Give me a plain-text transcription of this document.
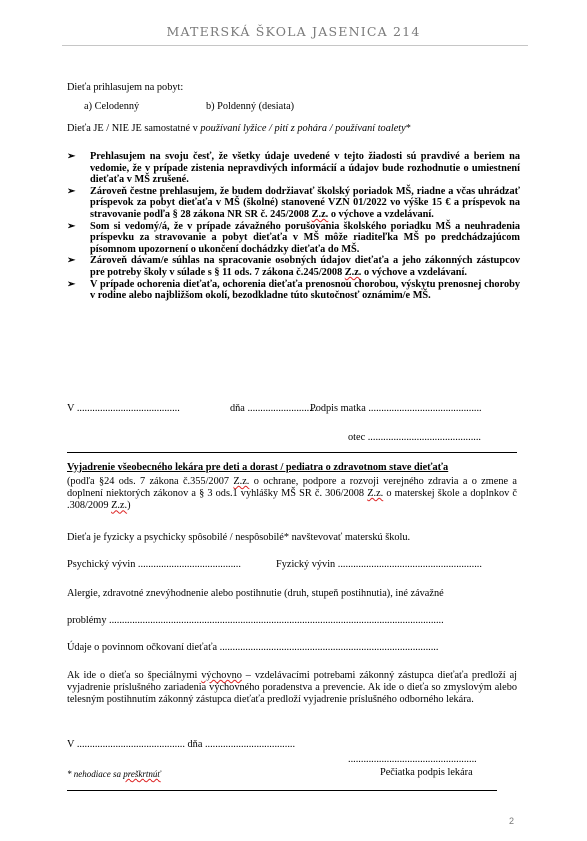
MATERSKÁ ŠKOLA JASENICA 214
Dieťa prihlasujem na pobyt:
a) Celodenný	b) Poldenný (desiata)
Dieťa JE / NIE JE samostatné v používaní lyžice / pití z pohára / používaní toalety*
➢	Prehlasujem na svoju česť, že všetky údaje uvedené v tejto žiadosti sú pravdivé a beriem na vedomie, že v prípade zistenia nepravdivých informácií a údajov bude rozhodnutie o umiestnení dieťaťa v MŠ zrušené.
➢	Zároveň čestne prehlasujem, že budem dodržiavať školský poriadok MŠ, riadne a včas uhrádzať príspevok za pobyt dieťaťa v MŠ (školné) stanovené VZN 01/2022 vo výške 15 € a príspevok na stravovanie podľa § 28 zákona NR SR č. 245/2008 Z.z. o výchove a vzdelávaní.
➢	Som si vedomý/á, že v prípade závažného porušovania školského poriadku MŠ a neuhradenia príspevku za stravovanie a pobyt dieťaťa v MŠ môže riaditeľka MŠ po predchádzajúcom písomnom upozornení o ukončení dochádzky dieťaťa do MŠ.
➢	Zároveň dávam/e súhlas na spracovanie osobných údajov dieťaťa a jeho zákonných zástupcov pre potreby školy v súlade s § 11 ods. 7 zákona č.245/2008 Z.z. o výchove a vzdelávaní.
➢	V prípade ochorenia dieťaťa, ochorenia dieťaťa prenosnou chorobou, výskytu prenosnej choroby v rodine alebo najbližšom okolí, bezodkladne túto skutočnosť oznámim/e MŠ.
V ........................................	dňa ...........................
Podpis matka ............................................
otec ............................................
Vyjadrenie všeobecného lekára pre deti a dorast / pediatra o zdravotnom stave dieťaťa
(podľa §24 ods. 7 zákona č.355/2007 Z.z. o ochrane, podpore a rozvoji verejného zdravia a o zmene a doplnení niektorých zákonov a § 3 ods.1 vyhlášky MŠ SR č. 306/2008 Z.z. o materskej škole a doplnkov č .308/2009 Z.z.)
Dieťa je fyzicky a psychicky spôsobilé / nespôsobilé* navštevovať materskú školu.
Psychický vývin ........................................	Fyzický vývin ........................................................
Alergie, zdravotné znevýhodnenie alebo postihnutie (druh, stupeň postihnutia), iné závažné
problémy ..................................................................................................................................
Údaje o povinnom očkovaní dieťaťa .....................................................................................
Ak ide o dieťa so špeciálnymi výchovno – vzdelávacími potrebami zákonný zástupca dieťaťa predloží aj vyjadrenie príslušného zariadenia výchovného poradenstva a prevencie. Ak ide o dieťa so zmyslovým alebo telesným postihnutím zákonný zástupca dieťaťa predloží vyjadrenie príslušného odborného lekára.
V .......................................... dňa ...................................
..................................................
* nehodiace sa preškrtnúť	Pečiatka podpis lekára
2
